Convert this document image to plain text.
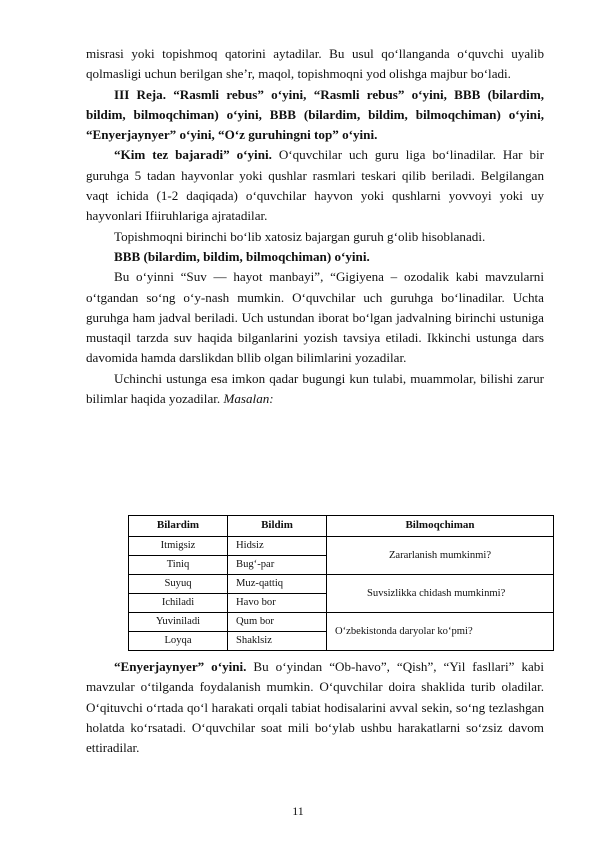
misrasi yoki topishmoq qatorini aytadilar. Bu usul qo‘llanganda o‘quvchi uyalib qolmasligi uchun berilgan she’r, maqol, topishmoqni yod olishga majbur bo‘ladi.

III Reja. “Rasmli rebus” o‘yini, “Rasmli rebus” o‘yini, BBB (bilardim, bildim, bilmoqchiman) o‘yini, BBB (bilardim, bildim, bilmoqchiman) o‘yini, “Enyerjaynyer” o‘yini, “O‘z guruhingni top” o‘yini.

“Kim tez bajaradi” o‘yini. O‘quvchilar uch guru liga bo‘linadilar. Har bir guruhga 5 tadan hayvonlar yoki qushlar rasmlari teskari qilib beriladi. Belgilangan vaqt ichida (1-2 daqiqada) o‘quvchilar hayvon yoki qushlarni yovvoyi yoki uy hayvonlari Ifiiruhlariga ajratadilar.

Topishmoqni birinchi bo‘lib xatosiz bajargan guruh g‘olib hisoblanadi.

BBB (bilardim, bildim, bilmoqchiman) o‘yini.

Bu o‘yinni “Suv — hayot manbayi”, “Gigiyena – ozodalik kabi mavzularni o‘tgandan so‘ng o‘y-nash mumkin. O‘quvchilar uch guruhga bo‘linadilar. Uchta guruhga ham jadval beriladi. Uch ustundan iborat bo‘lgan jadvalning birinchi ustuniga mustaqil tarzda suv haqida bilganlarini yozish tavsiya etiladi. Ikkinchi ustunga dars davomida hamda darslikdan bllib olgan bilimlarini yozadilar.

Uchinchi ustunga esa imkon qadar bugungi kun tulabi, muammolar, bilishi zarur bilimlar haqida yozadilar. Masalan:

Bilardim	Bildim	Bilmoqchiman
Itmigsiz	Hidsiz	Zararlanish mumkinmi?
Tiniq	Bug‘-par	
Suyuq	Muz-qattiq	Suvsizlikka chidash mumkinmi?
Ichiladi	Havo bor	
Yuviniladi	Qum bor	O‘zbekistonda daryolar ko‘pmi?
Loyqa	Shaklsiz	

“Enyerjaynyer” o‘yini. Bu o‘yindan “Ob-havo”, “Qish”, “Yil fasllari” kabi mavzular o‘tilganda foydalanish mumkin. O‘quvchilar doira shaklida turib oladilar. O‘qituvchi o‘rtada qo‘l harakati orqali tabiat hodisalarini avval sekin, so‘ng tezlashgan holatda ko‘rsatadi. O‘quvchilar soat mili bo‘ylab ushbu harakatlarni so‘zsiz davom ettiradilar.

11
